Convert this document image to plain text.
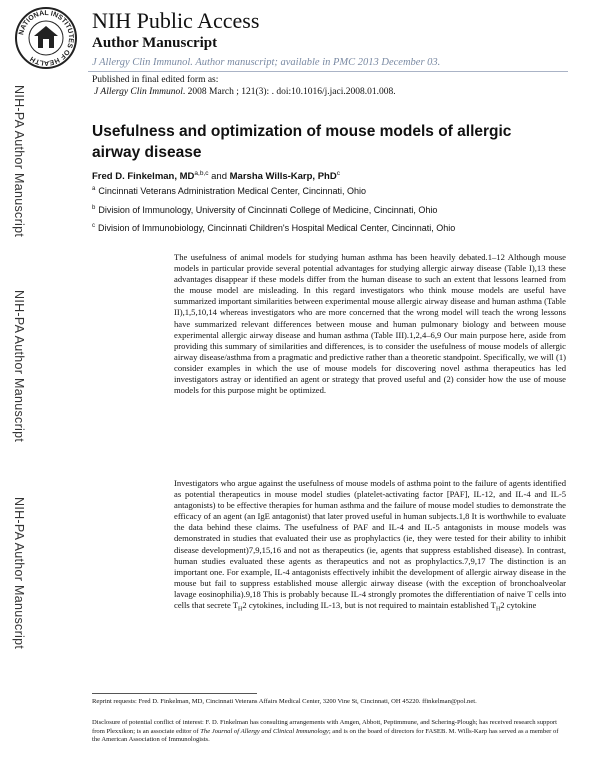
NATIONAL INSTITUTES OF HEALTH
NIH Public Access
Author Manuscript
J Allergy Clin Immunol. Author manuscript; available in PMC 2013 December 03.
Published in final edited form as:
J Allergy Clin Immunol. 2008 March ; 121(3): . doi:10.1016/j.jaci.2008.01.008.
NIH-PA Author Manuscript
NIH-PA Author Manuscript
NIH-PA Author Manuscript
Usefulness and optimization of mouse models of allergic airway disease
Fred D. Finkelman, MD$^{a,b,c}$ and Marsha Wills-Karp, PhD$^c$
$^a$ Cincinnati Veterans Administration Medical Center, Cincinnati, Ohio
$^b$ Division of Immunology, University of Cincinnati College of Medicine, Cincinnati, Ohio
$^c$ Division of Immunobiology, Cincinnati Children's Hospital Medical Center, Cincinnati, Ohio

The usefulness of animal models for studying human asthma has been heavily debated.1–12 Although mouse models in particular provide several potential advantages for studying allergic airway disease (Table I),13 these advantages disappear if these models differ from the human disease to such an extent that lessons learned from the mouse model are misleading. In this regard investigators who think mouse models are useful have summarized important similarities between experimental mouse allergic airway disease and human asthma (Table II),1,5,10,14 whereas investigators who are more concerned that the wrong model will teach the wrong lessons have summarized relevant differences between mouse and human pulmonary biology and between mouse experimental allergic airway disease and human asthma (Table III).1,2,4–6,9 Our main purpose here, aside from providing this summary of similarities and differences, is to consider the usefulness of mouse models of allergic airway disease/asthma from a pragmatic and predictive rather than a theoretic standpoint. Specifically, we will (1) consider examples in which the use of mouse models for discovering novel asthma therapeutics has led investigators astray or identified an agent or strategy that proved useful and (2) consider how the use of mouse models for this purpose might be optimized.

Investigators who argue against the usefulness of mouse models of asthma point to the failure of agents identified as potential therapeutics in mouse model studies (platelet-activating factor [PAF], IL-12, and IL-4 and IL-5 antagonists) to be effective therapies for human asthma and the failure of mouse model studies to demonstrate the efficacy of an agent (an IgE antagonist) that later proved useful in human subjects.1,8 It is worthwhile to evaluate the data behind these claims. The usefulness of PAF and IL-4 and IL-5 antagonists in mouse models was demonstrated in studies that evaluated their use as prophylactics (ie, they were tested for their ability to inhibit disease development)7,9,15,16 and not as therapeutics (ie, agents that suppress established disease). In contrast, human studies evaluated these agents as therapeutics and not as prophylactics.7,9,17 The distinction is an important one. For example, IL-4 antagonists effectively inhibit the development of allergic airway disease in the mouse but fail to suppress established mouse allergic airway disease (with the exception of bronchoalveolar lavage eosinophilia).9,18 This is probably because IL-4 strongly promotes the differentiation of naive T cells into cells that secrete $T_H2$ cytokines, including IL-13, but is not required to maintain established $T_H2$ cytokine

Reprint requests: Fred D. Finkelman, MD, Cincinnati Veterans Affairs Medical Center, 3200 Vine St, Cincinnati, OH 45220. ffinkelman@pol.net.

Disclosure of potential conflict of interest: F. D. Finkelman has consulting arrangements with Amgen, Abbott, Peptimmune, and Schering-Plough; has received research support from Plexxikon; is an associate editor of The Journal of Allergy and Clinical Immunology; and is on the board of directors for FASEB. M. Wills-Karp has served as a member of the American Association of Immunologists.
